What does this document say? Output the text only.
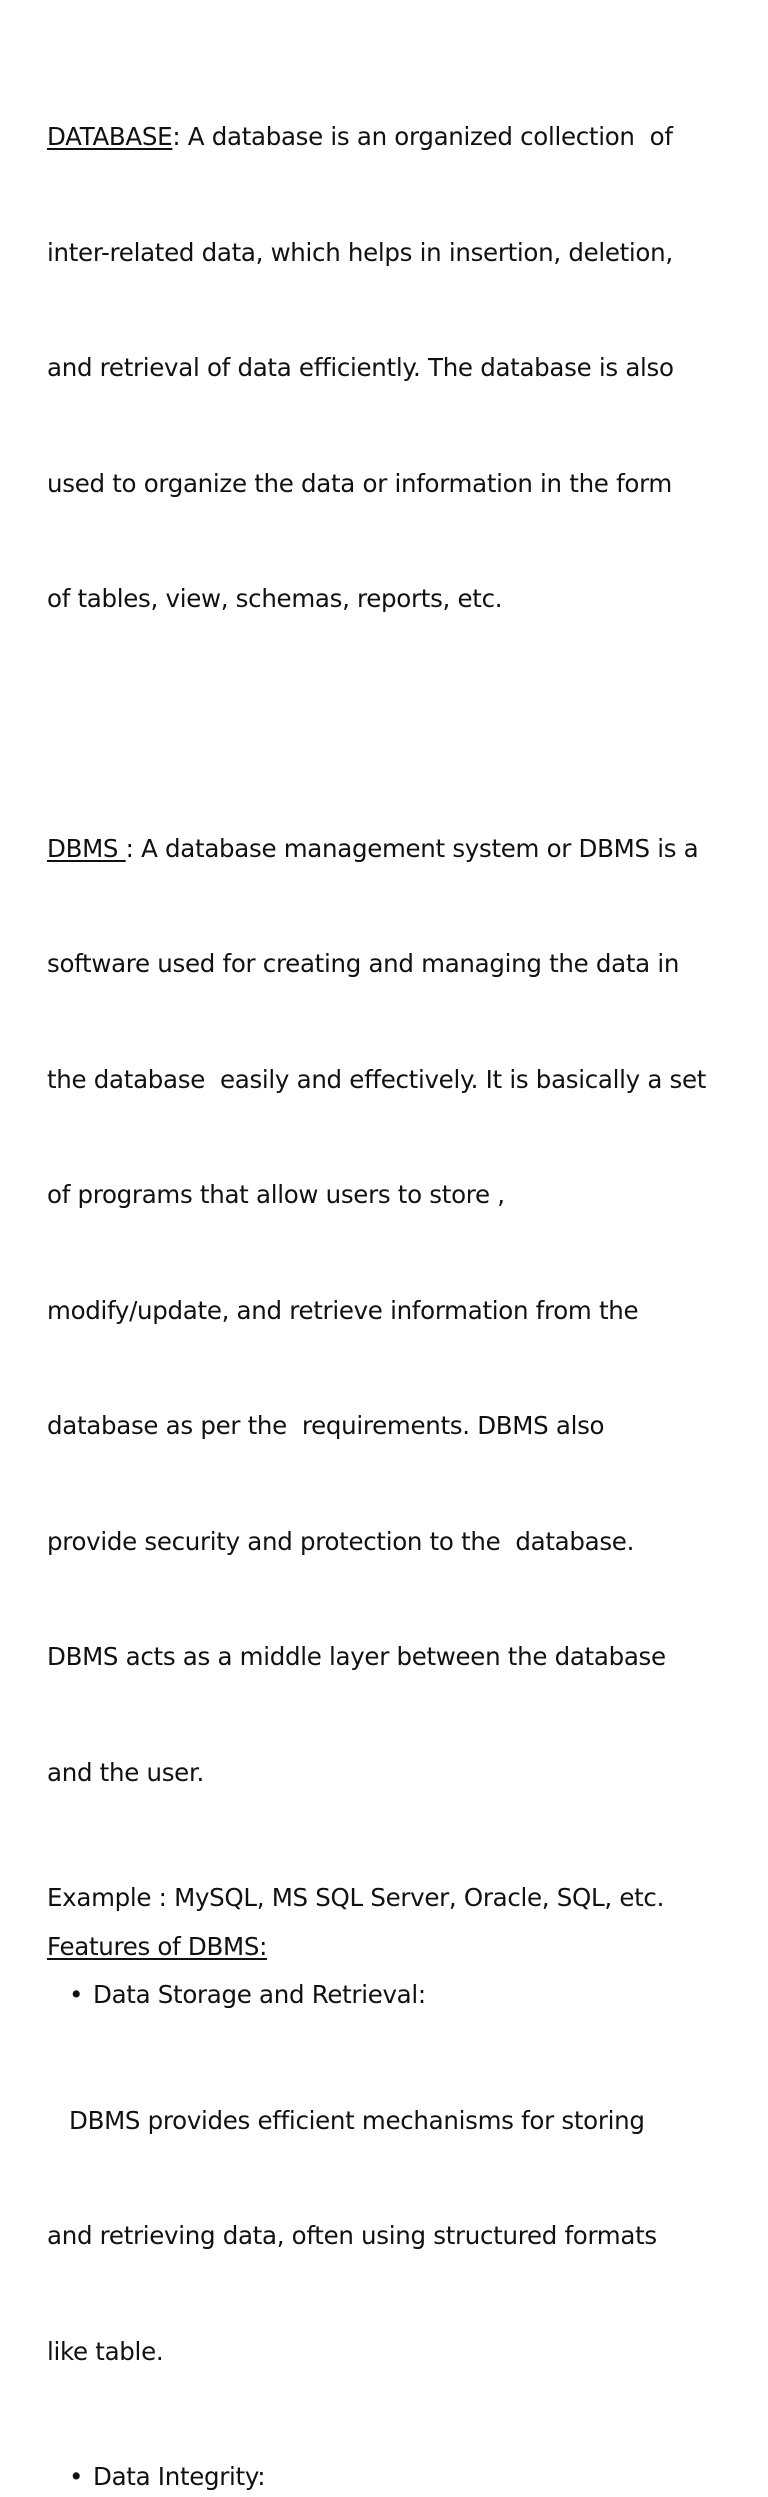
DATABASE: A database is an organized collection  of

inter-related data, which helps in insertion, deletion,

and retrieval of data efficiently. The database is also

used to organize the data or information in the form

of tables, view, schemas, reports, etc.

DBMS : A database management system or DBMS is a

software used for creating and managing the data in

the database  easily and effectively. It is basically a set

of programs that allow users to store ,

modify/update, and retrieve information from the

database as per the  requirements. DBMS also

provide security and protection to the  database.

DBMS acts as a middle layer between the database

and the user.

Example : MySQL, MS SQL Server, Oracle, SQL, etc.
Features of DBMS:
• Data Storage and Retrieval:

DBMS provides efficient mechanisms for storing

and retrieving data, often using structured formats

like table.

• Data Integrity:
